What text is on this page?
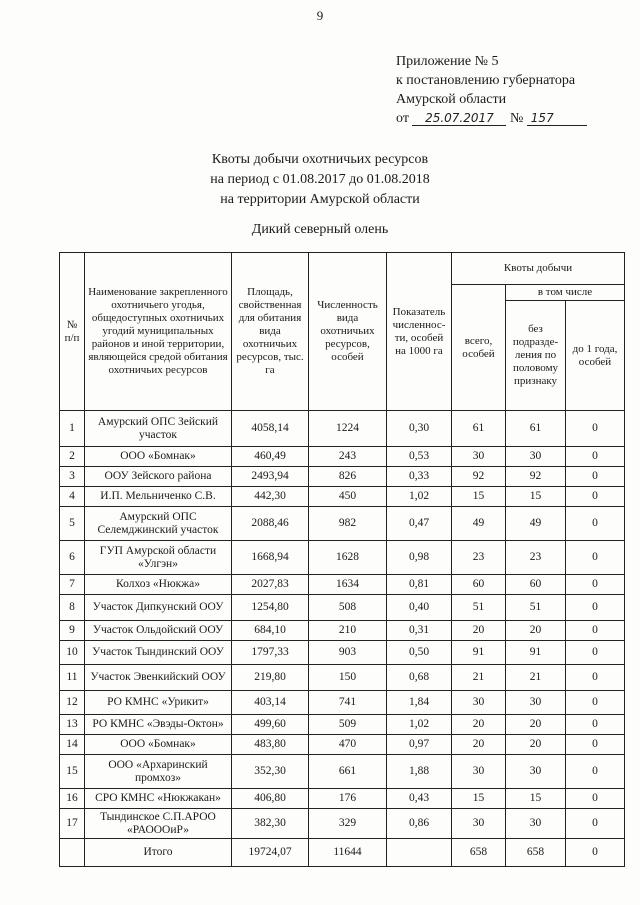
9
Приложение № 5
к постановлению губернатора
Амурской области
от 25.07.2017 № 157
Квоты добычи охотничьих ресурсов
на период с 01.08.2017 до 01.08.2018
на территории Амурской области
Дикий северный олень
№ п/п	Наименование закрепленного охотничьего угодья, общедоступных охотничьих угодий муниципальных районов и иной территории, являющейся средой обитания охотничьих ресурсов	Площадь, свойственная для обитания вида охотничьих ресурсов, тыс. га	Численность вида охотничьих ресурсов, особей	Показатель численнос-ти, особей на 1000 га	Квоты добычи		
					всего, особей	в том числе	
						без подразде-ления по половому признаку	до 1 года, особей
1	Амурский ОПС Зейский участок	4058,14	1224	0,30	61	61	0
2	ООО «Бомнак»	460,49	243	0,53	30	30	0
3	ООУ Зейского района	2493,94	826	0,33	92	92	0
4	И.П. Мельниченко С.В.	442,30	450	1,02	15	15	0
5	Амурский ОПС Селемджинский участок	2088,46	982	0,47	49	49	0
6	ГУП Амурской области «Улгэн»	1668,94	1628	0,98	23	23	0
7	Колхоз «Нюкжа»	2027,83	1634	0,81	60	60	0
8	Участок Дипкунский ООУ	1254,80	508	0,40	51	51	0
9	Участок Ольдойский ООУ	684,10	210	0,31	20	20	0
10	Участок Тындинский ООУ	1797,33	903	0,50	91	91	0
11	Участок Эвенкийский ООУ	219,80	150	0,68	21	21	0
12	РО КМНС «Урикит»	403,14	741	1,84	30	30	0
13	РО КМНС «Эвэды-Октон»	499,60	509	1,02	20	20	0
14	ООО «Бомнак»	483,80	470	0,97	20	20	0
15	ООО «Архаринский промхоз»	352,30	661	1,88	30	30	0
16	СРО КМНС «Нюкжакан»	406,80	176	0,43	15	15	0
17	Тындинское С.П.АРОО «РАОООиР»	382,30	329	0,86	30	30	0
	Итого	19724,07	11644		658	658	0
